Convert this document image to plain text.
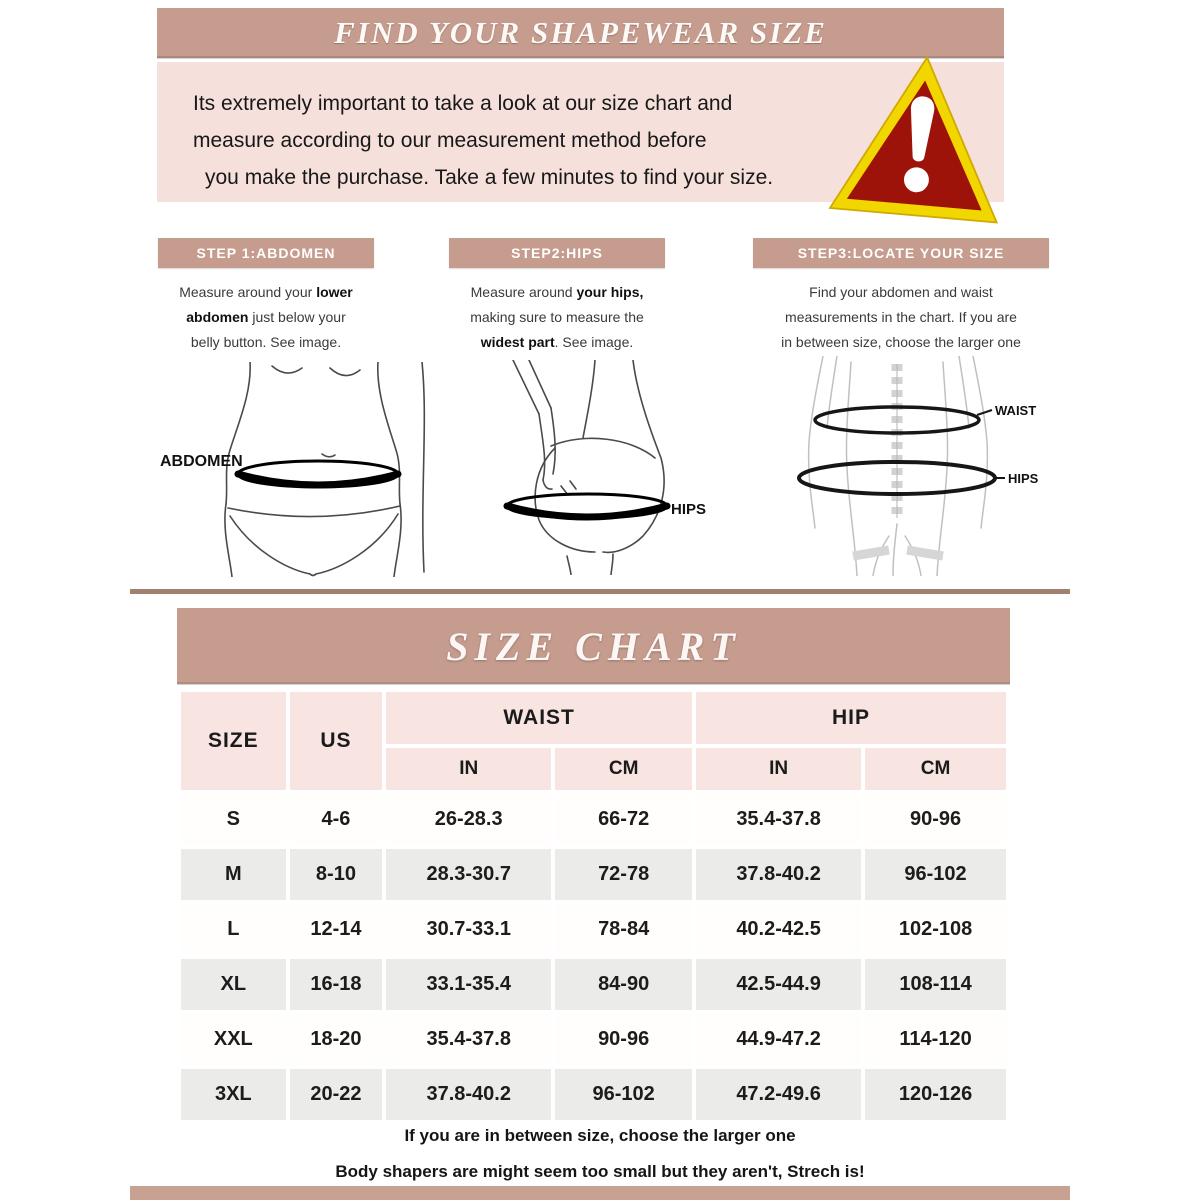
FIND YOUR SHAPEWEAR SIZE
Its extremely important to take a look at our size chart and
measure according to our measurement method before
you make the purchase. Take a few minutes to find your size.
STEP 1:ABDOMEN	STEP2:HIPS	STEP3:LOCATE YOUR SIZE
Measure around your lower
abdomen just below your
belly button. See image.
Measure around your hips,
making sure to measure the
widest part. See image.
Find your abdomen and waist
measurements in the chart. If you are
in between size, choose the larger one
ABDOMEN
HIPS
WAIST
HIPS
SIZE CHART
SIZE	US	WAIST		HIP	
		IN	CM	IN	CM
S	4-6	26-28.3	66-72	35.4-37.8	90-96
M	8-10	28.3-30.7	72-78	37.8-40.2	96-102
L	12-14	30.7-33.1	78-84	40.2-42.5	102-108
XL	16-18	33.1-35.4	84-90	42.5-44.9	108-114
XXL	18-20	35.4-37.8	90-96	44.9-47.2	114-120
3XL	20-22	37.8-40.2	96-102	47.2-49.6	120-126
If you are in between size, choose the larger one
Body shapers are might seem too small but they aren't, Strech is!
